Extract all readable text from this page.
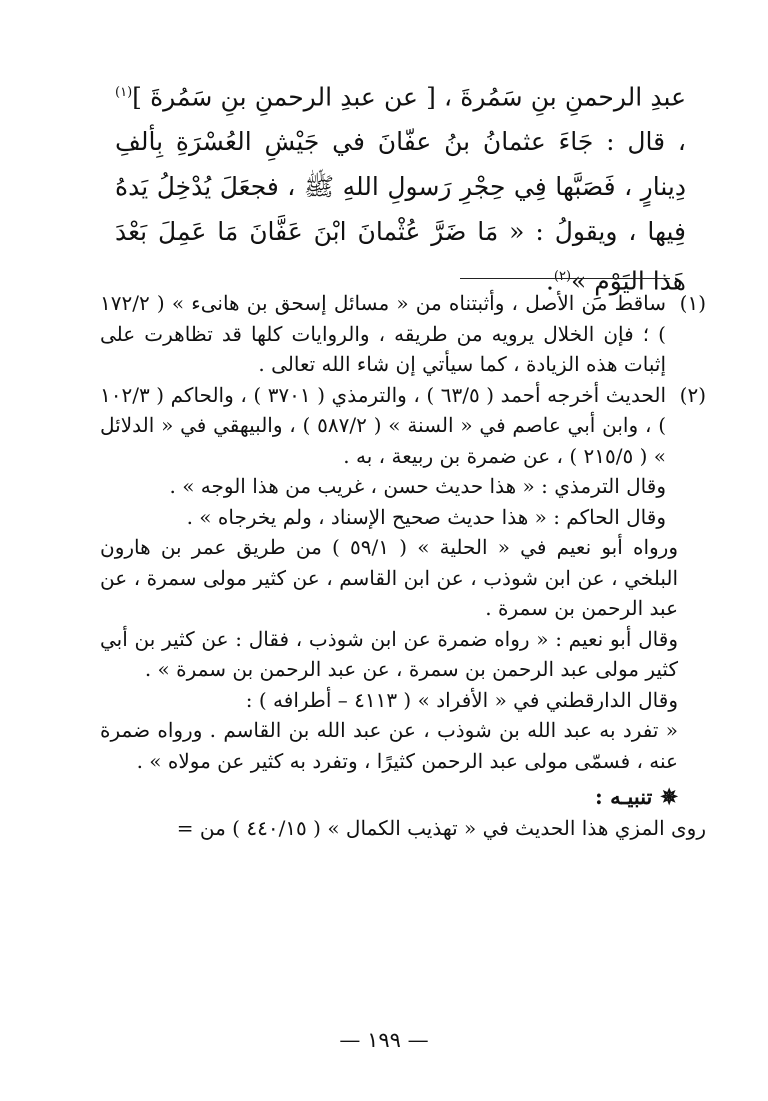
عبدِ الرحمنِ بنِ سَمُرةَ ، [ عن عبدِ الرحمنِ بنِ سَمُرةَ ]$^{(١)}$ ، قال : جَاءَ عثمانُ بنُ عفّانَ في جَيْشِ العُسْرَةِ بِألفِ دِينارٍ ، فَصَبَّها فِي حِجْرِ رَسولِ اللهِ ﷺ ، فجعَلَ يُدْخِلُ يَدهُ فِيها ، ويقولُ : « مَا ضَرَّ عُثْمانَ ابْنَ عَفَّانَ مَا عَمِلَ بَعْدَ هَذا اليَوْمِ »$^{(٢)}$.
(١)
ساقط من الأصل ، وأثبتناه من « مسائل إسحق بن هانىء » ( ١٧٢/٢ ) ؛ فإن الخلال يرويه من طريقه ، والروايات كلها قد تظاهرت على إثبات هذه الزيادة ، كما سيأتي إن شاء الله تعالى .
(٢)
الحديث أخرجه أحمد ( ٦٣/٥ ) ، والترمذي ( ٣٧٠١ ) ، والحاكم ( ١٠٢/٣ ) ، وابن أبي عاصم في « السنة » ( ٥٨٧/٢ ) ، والبيهقي في « الدلائل » ( ٢١٥/٥ ) ، عن ضمرة بن ربيعة ، به .

وقال الترمذي : « هذا حديث حسن ، غريب من هذا الوجه » .

وقال الحاكم : « هذا حديث صحيح الإسناد ، ولم يخرجاه » .

ورواه أبو نعيم في « الحلية » ( ٥٩/١ ) من طريق عمر بن هارون البلخي ، عن ابن شوذب ، عن ابن القاسم ، عن كثير مولى سمرة ، عن عبد الرحمن بن سمرة .

وقال أبو نعيم : « رواه ضمرة عن ابن شوذب ، فقال : عن كثير بن أبي كثير مولى عبد الرحمن بن سمرة ، عن عبد الرحمن بن سمرة » .

وقال الدارقطني في « الأفراد » ( ٤١١٣ – أطرافه ) :

« تفرد به عبد الله بن شوذب ، عن عبد الله بن القاسم . ورواه ضمرة عنه ، فسمّى مولى عبد الرحمن كثيرًا ، وتفرد به كثير عن مولاه » .

✵تنبيـه :

روى المزي هذا الحديث في « تهذيب الكمال » ( ٤٤٠/١٥ ) من =

— ١٩٩ —
